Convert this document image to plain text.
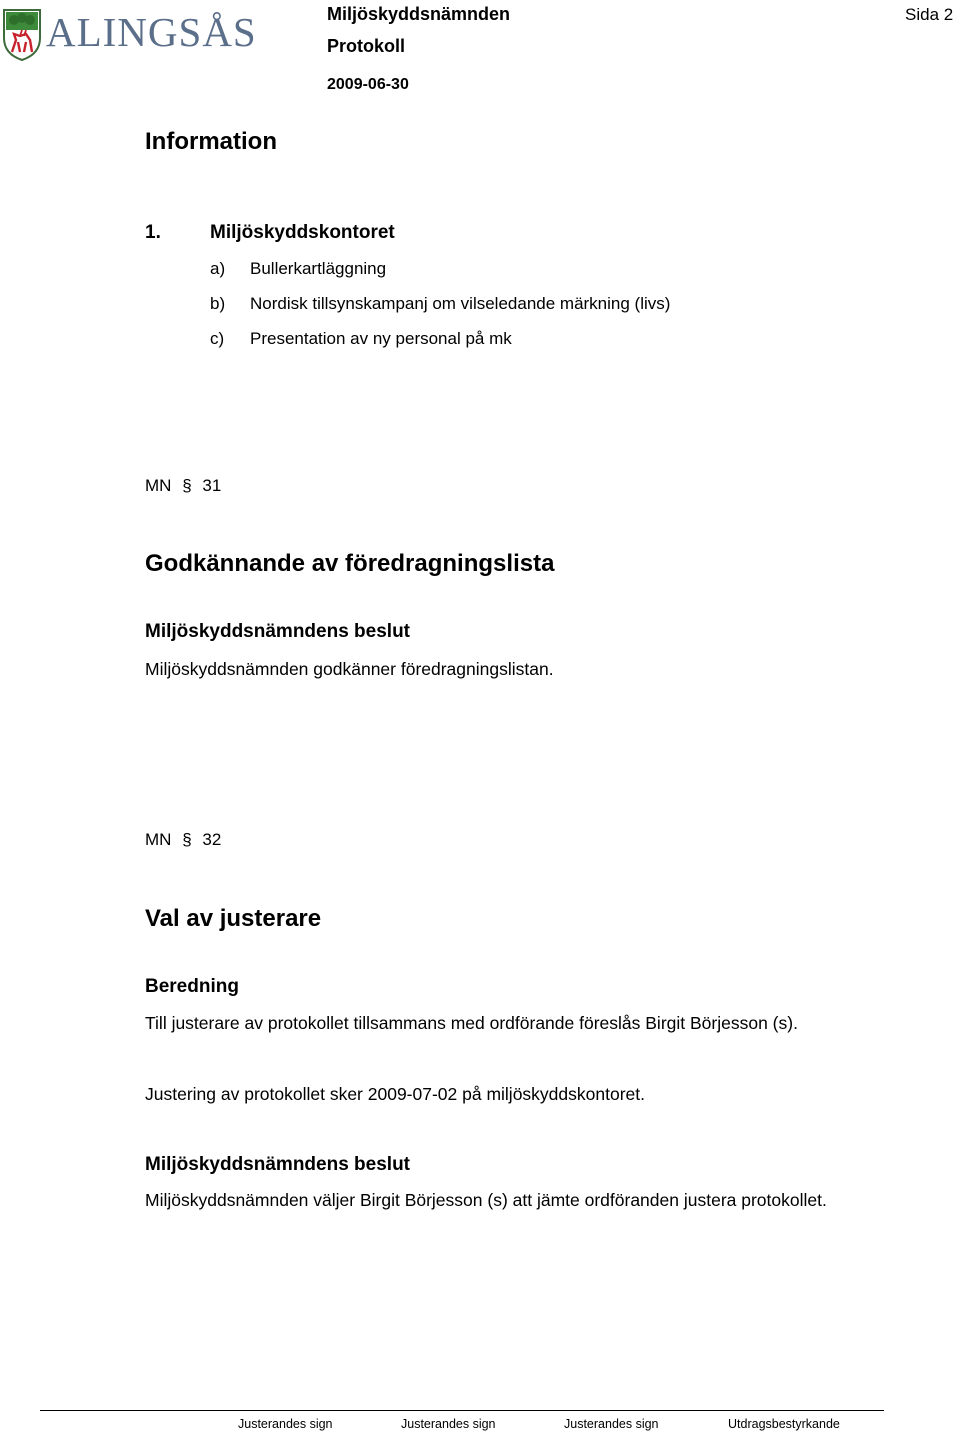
ALINGSÅS	Miljöskyddsnämnden
Protokoll
2009-06-30
Sida 2
Information
1.	Miljöskyddskontoret
a) Bullerkartläggning
b) Nordisk tillsynskampanj om vilseledande märkning (livs)
c) Presentation av ny personal på mk
MN § 31
Godkännande av föredragningslista
Miljöskyddsnämndens beslut
Miljöskyddsnämnden godkänner föredragningslistan.
MN § 32
Val av justerare
Beredning
Till justerare av protokollet tillsammans med ordförande föreslås Birgit Börjesson (s).
Justering av protokollet sker 2009-07-02 på miljöskyddskontoret.
Miljöskyddsnämndens beslut
Miljöskyddsnämnden väljer Birgit Börjesson (s) att jämte ordföranden justera protokollet.
Justerandes sign	Justerandes sign	Justerandes sign	Utdragsbestyrkande
